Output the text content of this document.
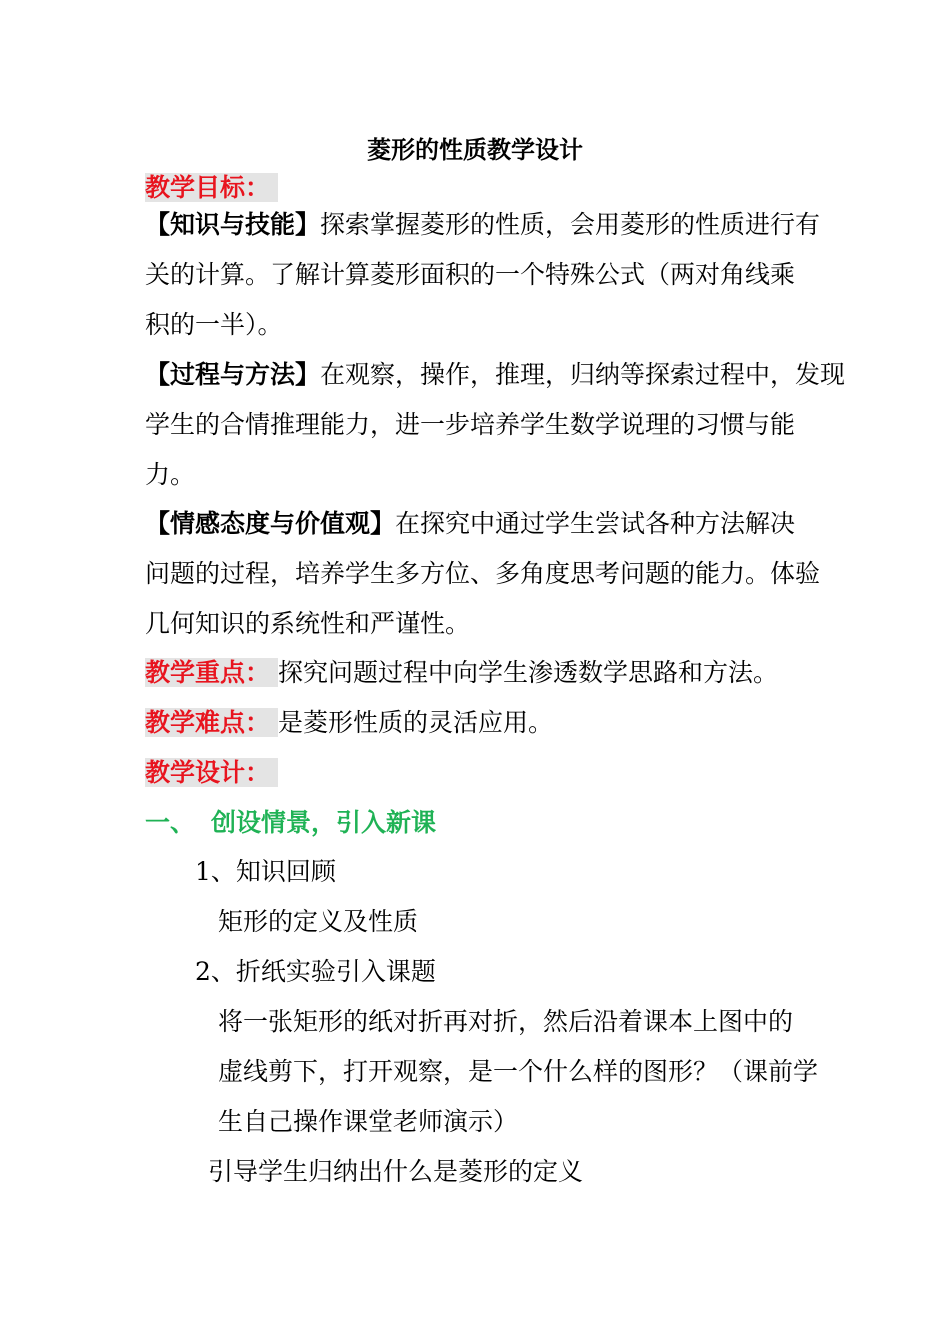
菱形的性质教学设计
教学目标：
【知识与技能】探索掌握菱形的性质，会用菱形的性质进行有
关的计算。了解计算菱形面积的一个特殊公式（两对角线乘
积的一半）。
【过程与方法】在观察，操作，推理，归纳等探索过程中，发现
学生的合情推理能力，进一步培养学生数学说理的习惯与能
力。
【情感态度与价值观】在探究中通过学生尝试各种方法解决
问题的过程，培养学生多方位、多角度思考问题的能力。体验
几何知识的系统性和严谨性。
教学重点： 探究问题过程中向学生渗透数学思路和方法。
教学难点： 是菱形性质的灵活应用。
教学设计：
一、 创设情景，引入新课
1、知识回顾
矩形的定义及性质
2、折纸实验引入课题
将一张矩形的纸对折再对折，然后沿着课本上图中的
虚线剪下，打开观察，是一个什么样的图形？（课前学
生自己操作课堂老师演示）
引导学生归纳出什么是菱形的定义
